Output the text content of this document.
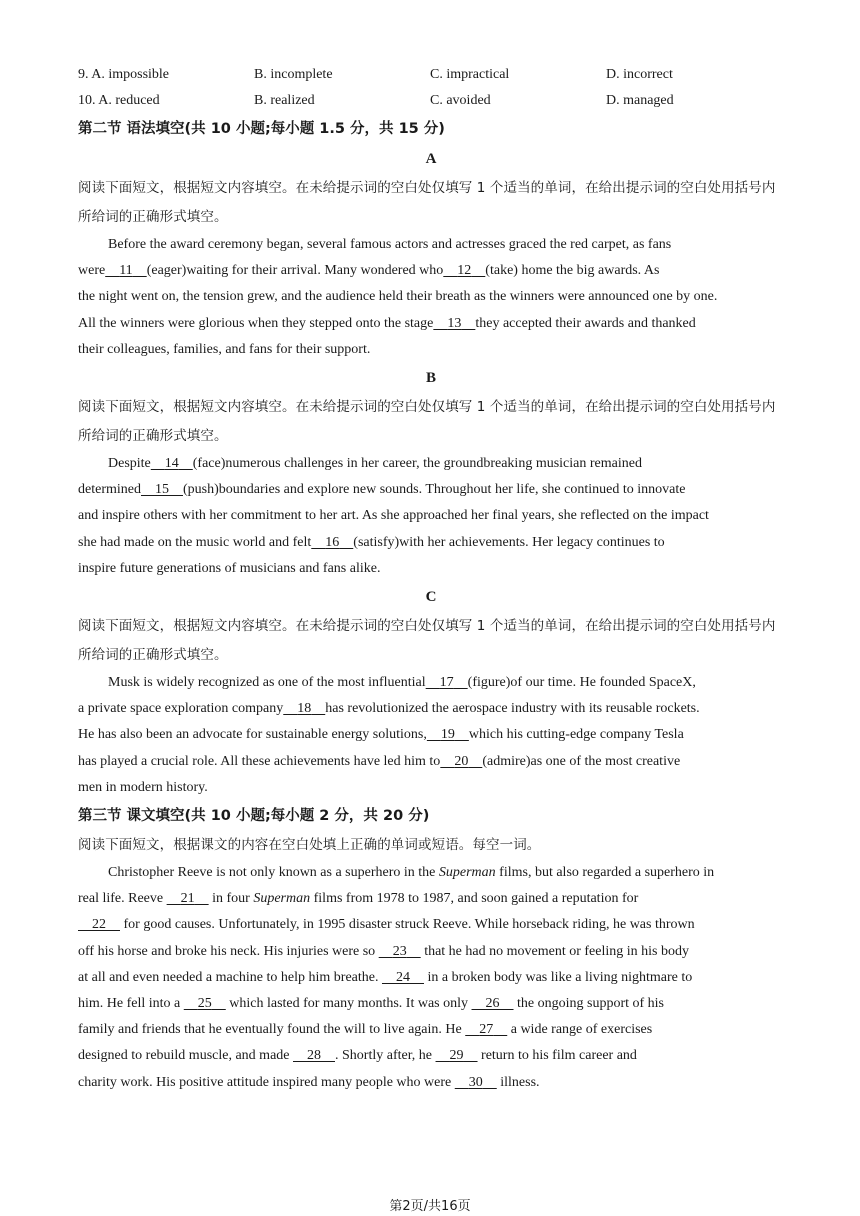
9. A. impossible	B. incomplete	C. impractical	D. incorrect
10. A. reduced	B. realized	C. avoided	D. managed
第二节 语法填空(共 10 小题;每小题 1.5 分，共 15 分)
A
阅读下面短文，根据短文内容填空。在未给提示词的空白处仅填写 1 个适当的单词，在给出提示词的空白处用括号内所给词的正确形式填空。

Before the award ceremony began, several famous actors and actresses graced the red carpet, as fans

were 11 (eager)waiting for their arrival. Many wondered who 12 (take) home the big awards. As

the night went on, the tension grew, and the audience held their breath as the winners were announced one by one.

All the winners were glorious when they stepped onto the stage 13 they accepted their awards and thanked

their colleagues, families, and fans for their support.

B
阅读下面短文，根据短文内容填空。在未给提示词的空白处仅填写 1 个适当的单词，在给出提示词的空白处用括号内所给词的正确形式填空。

Despite 14 (face)numerous challenges in her career, the groundbreaking musician remained

determined 15 (push)boundaries and explore new sounds. Throughout her life, she continued to innovate

and inspire others with her commitment to her art. As she approached her final years, she reflected on the impact

she had made on the music world and felt 16 (satisfy)with her achievements. Her legacy continues to

inspire future generations of musicians and fans alike.

C
阅读下面短文，根据短文内容填空。在未给提示词的空白处仅填写 1 个适当的单词，在给出提示词的空白处用括号内所给词的正确形式填空。

Musk is widely recognized as one of the most influential 17 (figure)of our time. He founded SpaceX,

a private space exploration company 18 has revolutionized the aerospace industry with its reusable rockets.

He has also been an advocate for sustainable energy solutions, 19 which his cutting-edge company Tesla

has played a crucial role. All these achievements have led him to 20 (admire)as one of the most creative

men in modern history.

第三节 课文填空(共 10 小题;每小题 2 分，共 20 分)
阅读下面短文，根据课文的内容在空白处填上正确的单词或短语。每空一词。

Christopher Reeve is not only known as a superhero in the Superman films, but also regarded a superhero in

real life. Reeve     21     in four Superman films from 1978 to 1987, and soon gained a reputation for

22     for good causes. Unfortunately, in 1995 disaster struck Reeve. While horseback riding, he was thrown

off his horse and broke his neck. His injuries were so     23     that he had no movement or feeling in his body

at all and even needed a machine to help him breathe.     24     in a broken body was like a living nightmare to

him. He fell into a     25     which lasted for many months. It was only     26     the ongoing support of his

family and friends that he eventually found the will to live again. He     27     a wide range of exercises

designed to rebuild muscle, and made     28 . Shortly after, he     29     return to his film career and

charity work. His positive attitude inspired many people who were     30     illness.

第2页/共16页
